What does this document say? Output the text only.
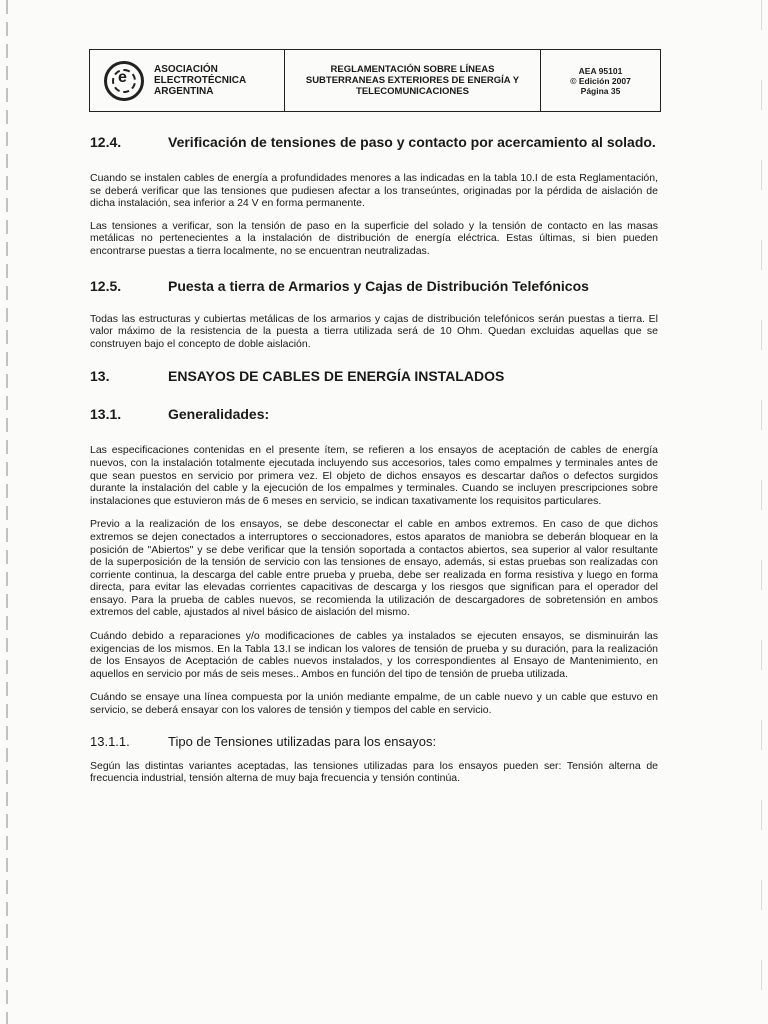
e
ASOCIACIÓN
ELECTROTÉCNICA
ARGENTINA
REGLAMENTACIÓN SOBRE LÍNEAS
SUBTERRANEAS EXTERIORES DE ENERGÍA Y
TELECOMUNICACIONES
AEA 95101
© Edición 2007
Página 35
12.4.	Verificación de tensiones de paso y contacto por acercamiento al solado.

Cuando se instalen cables de energía a profundidades menores a las indicadas en la tabla 10.I de esta Reglamentación, se deberá verificar que las tensiones que pudiesen afectar a los transeúntes, originadas por la pérdida de aislación de dicha instalación, sea inferior a 24 V en forma permanente.

Las tensiones a verificar, son la tensión de paso en la superficie del solado y la tensión de contacto en las masas metálicas no pertenecientes a la instalación de distribución de energía eléctrica. Estas últimas, si bien pueden encontrarse puestas a tierra localmente, no se encuentran neutralizadas.

12.5.	Puesta a tierra de Armarios y Cajas de Distribución Telefónicos

Todas las estructuras y cubiertas metálicas de los armarios y cajas de distribución telefónicos serán puestas a tierra. El valor máximo de la resistencia de la puesta a tierra utilizada será de 10 Ohm. Quedan excluidas aquellas que se construyen bajo el concepto de doble aislación.

13.	ENSAYOS DE CABLES DE ENERGÍA INSTALADOS
13.1.	Generalidades:

Las especificaciones contenidas en el presente ítem, se refieren a los ensayos de aceptación de cables de energía nuevos, con la instalación totalmente ejecutada incluyendo sus accesorios, tales como empalmes y terminales antes de que sean puestos en servicio por primera vez. El objeto de dichos ensayos es descartar daños o defectos surgidos durante la instalación del cable y la ejecución de los empalmes y terminales. Cuando se incluyen prescripciones sobre instalaciones que estuvieron más de 6 meses en servicio, se indican taxativamente los requisitos particulares.

Previo a la realización de los ensayos, se debe desconectar el cable en ambos extremos. En caso de que dichos extremos se dejen conectados a interruptores o seccionadores, estos aparatos de maniobra se deberán bloquear en la posición de "Abiertos" y se debe verificar que la tensión soportada a contactos abiertos, sea superior al valor resultante de la superposición de la tensión de servicio con las tensiones de ensayo, además, si estas pruebas son realizadas con corriente continua, la descarga del cable entre prueba y prueba, debe ser realizada en forma resistiva y luego en forma directa, para evitar las elevadas corrientes capacitivas de descarga y los riesgos que significan para el operador del ensayo. Para la prueba de cables nuevos, se recomienda la utilización de descargadores de sobretensión en ambos extremos del cable, ajustados al nivel básico de aislación del mismo.

Cuándo debido a reparaciones y/o modificaciones de cables ya instalados se ejecuten ensayos, se disminuirán las exigencias de los mismos. En la Tabla 13.I se indican los valores de tensión de prueba y su duración, para la realización de los Ensayos de Aceptación de cables nuevos instalados, y los correspondientes al Ensayo de Mantenimiento, en aquellos en servicio por más de seis meses.. Ambos en función del tipo de tensión de prueba utilizada.

Cuándo se ensaye una línea compuesta por la unión mediante empalme, de un cable nuevo y un cable que estuvo en servicio, se deberá ensayar con los valores de tensión y tiempos del cable en servicio.

13.1.1.	Tipo de Tensiones utilizadas para los ensayos:

Según las distintas variantes aceptadas, las tensiones utilizadas para los ensayos pueden ser: Tensión alterna de frecuencia industrial, tensión alterna de muy baja frecuencia y tensión continúa.
